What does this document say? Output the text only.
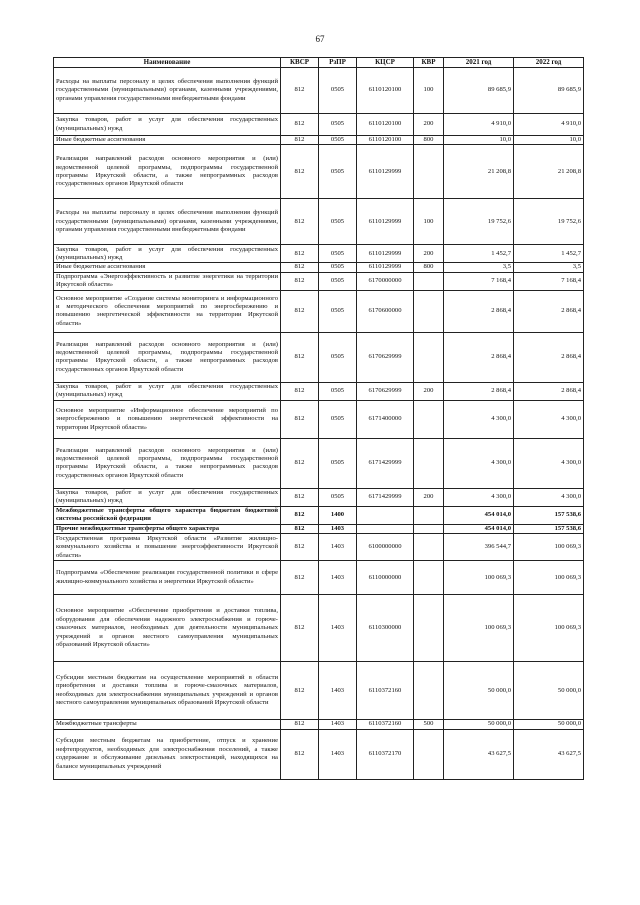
67
Наименование	КВСР	РзПР	КЦСР	КВР	2021 год	2022 год
Расходы на выплаты персоналу в целях обеспечения выполнения функций государственными (муниципальными) органами, казенными учреждениями, органами управления государственными внебюджетными фондами	812	0505	6110120100	100	89 685,9	89 685,9
Закупка товаров, работ и услуг для обеспечения государственных (муниципальных) нужд	812	0505	6110120100	200	4 910,0	4 910,0
Иные бюджетные ассигнования	812	0505	6110120100	800	10,0	10,0
Реализация направлений расходов основного мероприятия и (или) ведомственной целевой программы, подпрограммы государственной программы Иркутской области, а также непрограммных расходов государственных органов Иркутской области	812	0505	6110129999		21 208,8	21 208,8
Расходы на выплаты персоналу в целях обеспечения выполнения функций государственными (муниципальными) органами, казенными учреждениями, органами управления государственными внебюджетными фондами	812	0505	6110129999	100	19 752,6	19 752,6
Закупка товаров, работ и услуг для обеспечения государственных (муниципальных) нужд	812	0505	6110129999	200	1 452,7	1 452,7
Иные бюджетные ассигнования	812	0505	6110129999	800	3,5	3,5
Подпрограмма «Энергоэффективность и развитие энергетики на территории Иркутской области»	812	0505	6170000000		7 168,4	7 168,4
Основное мероприятие «Создание системы мониторинга и информационного и методического обеспечения мероприятий по энергосбережению и повышению энергетической эффективности на территории Иркутской области»	812	0505	6170600000		2 868,4	2 868,4
Реализация направлений расходов основного мероприятия и (или) ведомственной целевой программы, подпрограммы государственной программы Иркутской области, а также непрограммных расходов государственных органов Иркутской области	812	0505	6170629999		2 868,4	2 868,4
Закупка товаров, работ и услуг для обеспечения государственных (муниципальных) нужд	812	0505	6170629999	200	2 868,4	2 868,4
Основное мероприятие «Информационное обеспечение мероприятий по энергосбережению и повышению энергетической эффективности на территории Иркутской области»	812	0505	6171400000		4 300,0	4 300,0
Реализация направлений расходов основного мероприятия и (или) ведомственной целевой программы, подпрограммы государственной программы Иркутской области, а также непрограммных расходов государственных органов Иркутской области	812	0505	6171429999		4 300,0	4 300,0
Закупка товаров, работ и услуг для обеспечения государственных (муниципальных) нужд	812	0505	6171429999	200	4 300,0	4 300,0
Межбюджетные трансферты общего характера бюджетам бюджетной системы российской федерации	812	1400			454 014,0	157 538,6
Прочие межбюджетные трансферты общего характера	812	1403			454 014,0	157 538,6
Государственная программа Иркутской области «Развитие жилищно-коммунального хозяйства и повышение энергоэффективности Иркутской области»	812	1403	6100000000		396 544,7	100 069,3
Подпрограмма «Обеспечение реализации государственной политики в сфере жилищно-коммунального хозяйства и энергетики Иркутской области»	812	1403	6110000000		100 069,3	100 069,3
Основное мероприятие «Обеспечение приобретения и доставки топлива, оборудования для обеспечения надежного электроснабжения и горюче-смазочных материалов, необходимых для деятельности муниципальных учреждений и органов местного самоуправления муниципальных образований Иркутской области»	812	1403	6110300000		100 069,3	100 069,3
Субсидии местным бюджетам на осуществление мероприятий в области приобретения и доставки топлива и горюче-смазочных материалов, необходимых для электроснабжения муниципальных учреждений и органов местного самоуправления муниципальных образований Иркутской области	812	1403	6110372160		50 000,0	50 000,0
Межбюджетные трансферты	812	1403	6110372160	500	50 000,0	50 000,0
Субсидии местным бюджетам на приобретение, отпуск и хранение нефтепродуктов, необходимых для электроснабжения поселений, а также содержание и обслуживание дизельных электростанций, находящихся на балансе муниципальных учреждений	812	1403	6110372170		43 627,5	43 627,5
